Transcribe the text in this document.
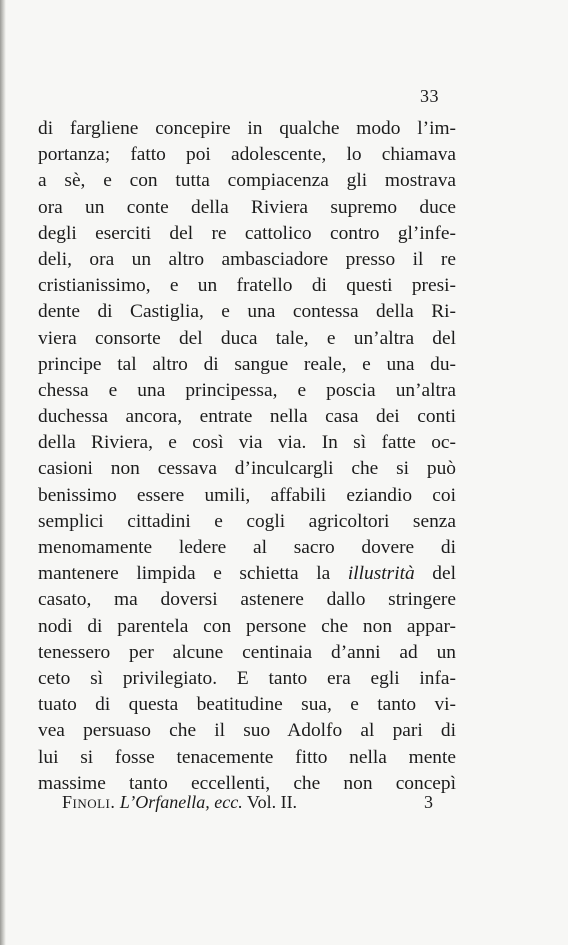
33
di fargliene concepire in qualche modo l’im-
portanza; fatto poi adolescente, lo chiamava
a sè, e con tutta compiacenza gli mostrava
ora un conte della Riviera supremo duce
degli eserciti del re cattolico contro gl’infe-
deli, ora un altro ambasciadore presso il re
cristianissimo, e un fratello di questi presi-
dente di Castiglia, e una contessa della Ri-
viera consorte del duca tale, e un’altra del
principe tal altro di sangue reale, e una du-
chessa e una principessa, e poscia un’altra
duchessa ancora, entrate nella casa dei conti
della Riviera, e così via via. In sì fatte oc-
casioni non cessava d’inculcargli che si può
benissimo essere umili, affabili eziandio coi
semplici cittadini e cogli agricoltori senza
menomamente ledere al sacro dovere di
mantenere limpida e schietta la illustrità del
casato, ma doversi astenere dallo stringere
nodi di parentela con persone che non appar-
tenessero per alcune centinaia d’anni ad un
ceto sì privilegiato. E tanto era egli infa-
tuato di questa beatitudine sua, e tanto vi-
vea persuaso che il suo Adolfo al pari di
lui si fosse tenacemente fitto nella mente
massime tanto eccellenti, che non concepì
Finoli. L’Orfanella, ecc. Vol. II.	3
